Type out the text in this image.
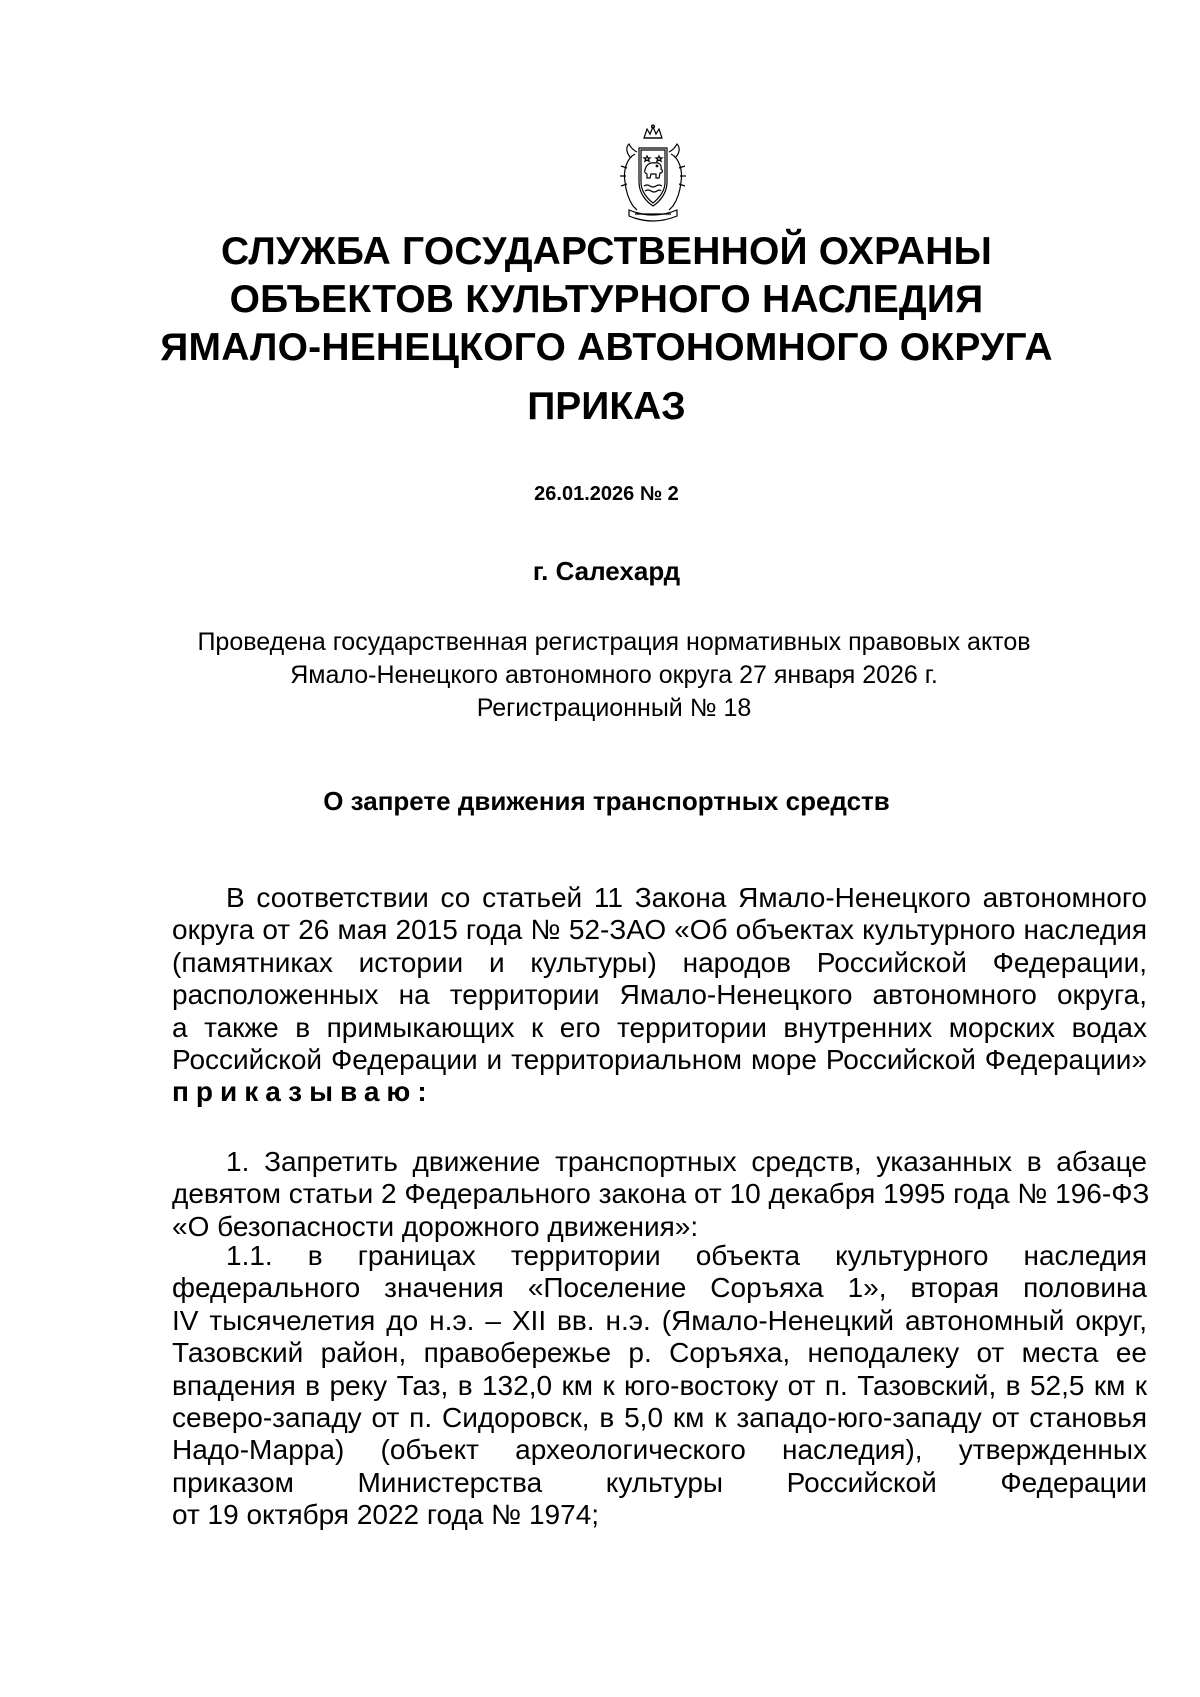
СЛУЖБА ГОСУДАРСТВЕННОЙ ОХРАНЫ
ОБЪЕКТОВ КУЛЬТУРНОГО НАСЛЕДИЯ
ЯМАЛО-НЕНЕЦКОГО АВТОНОМНОГО ОКРУГА
ПРИКАЗ
26.01.2026 № 2
г. Салехард
Проведена государственная регистрация нормативных правовых актов
Ямало-Ненецкого автономного округа 27 января 2026 г.
Регистрационный № 18
О запрете движения транспортных средств
В соответствии со статьей 11 Закона Ямало-Ненецкого автономного
округа от 26 мая 2015 года № 52-ЗАО «Об объектах культурного наследия
(памятниках истории и культуры) народов Российской Федерации,
расположенных на территории Ямало-Ненецкого автономного округа,
а также в примыкающих к его территории внутренних морских водах
Российской Федерации и территориальном море Российской Федерации»
приказываю:
1. Запретить движение транспортных средств, указанных в абзаце
девятом статьи 2 Федерального закона от 10 декабря 1995 года № 196-ФЗ
«О безопасности дорожного движения»:
1.1. в границах территории объекта культурного наследия
федерального значения «Поселение Соръяха 1», вторая половина
IV тысячелетия до н.э. – XII вв. н.э. (Ямало-Ненецкий автономный округ,
Тазовский район, правобережье р. Соръяха, неподалеку от места ее
впадения в реку Таз, в 132,0 км к юго-востоку от п. Тазовский, в 52,5 км к
северо-западу от п. Сидоровск, в 5,0 км к западо-юго-западу от становья
Надо-Марра) (объект археологического наследия), утвержденных
приказом Министерства культуры Российской Федерации
от 19 октября 2022 года № 1974;
